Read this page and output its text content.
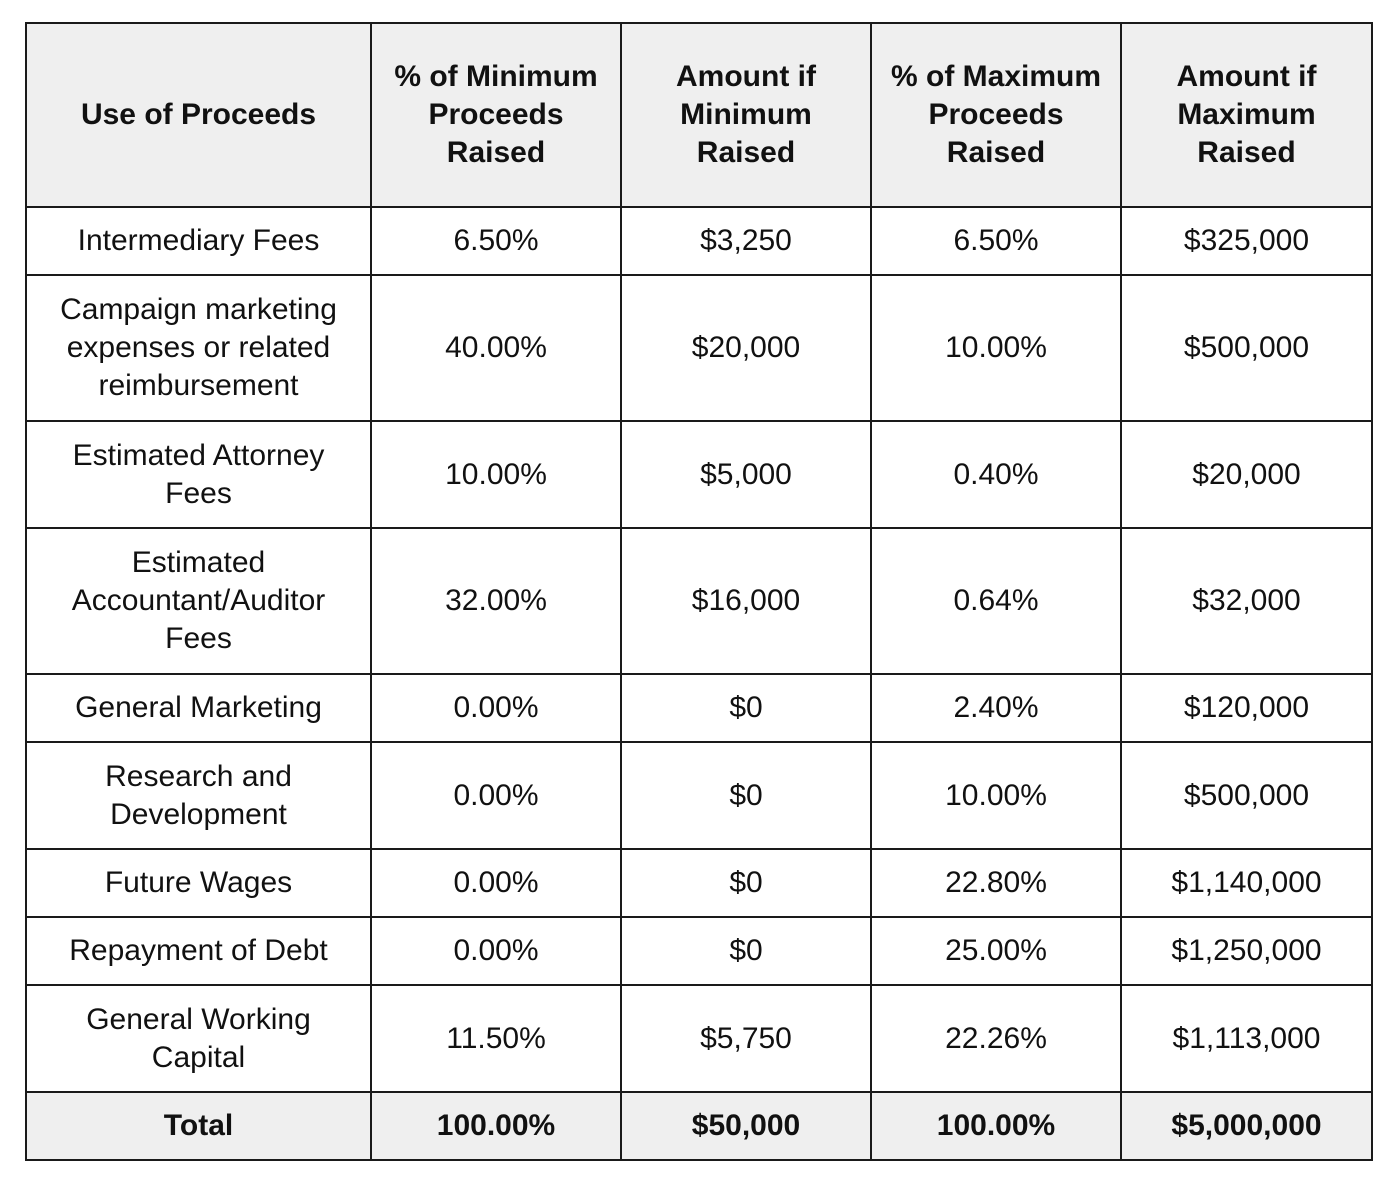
Use of Proceeds	% of Minimum Proceeds Raised	Amount if Minimum Raised	% of Maximum Proceeds Raised	Amount if Maximum Raised
Intermediary Fees	6.50%	$3,250	6.50%	$325,000
Campaign marketing expenses or related reimbursement	40.00%	$20,000	10.00%	$500,000
Estimated Attorney Fees	10.00%	$5,000	0.40%	$20,000
Estimated Accountant/Auditor Fees	32.00%	$16,000	0.64%	$32,000
General Marketing	0.00%	$0	2.40%	$120,000
Research and Development	0.00%	$0	10.00%	$500,000
Future Wages	0.00%	$0	22.80%	$1,140,000
Repayment of Debt	0.00%	$0	25.00%	$1,250,000
General Working Capital	11.50%	$5,750	22.26%	$1,113,000
Total	100.00%	$50,000	100.00%	$5,000,000
